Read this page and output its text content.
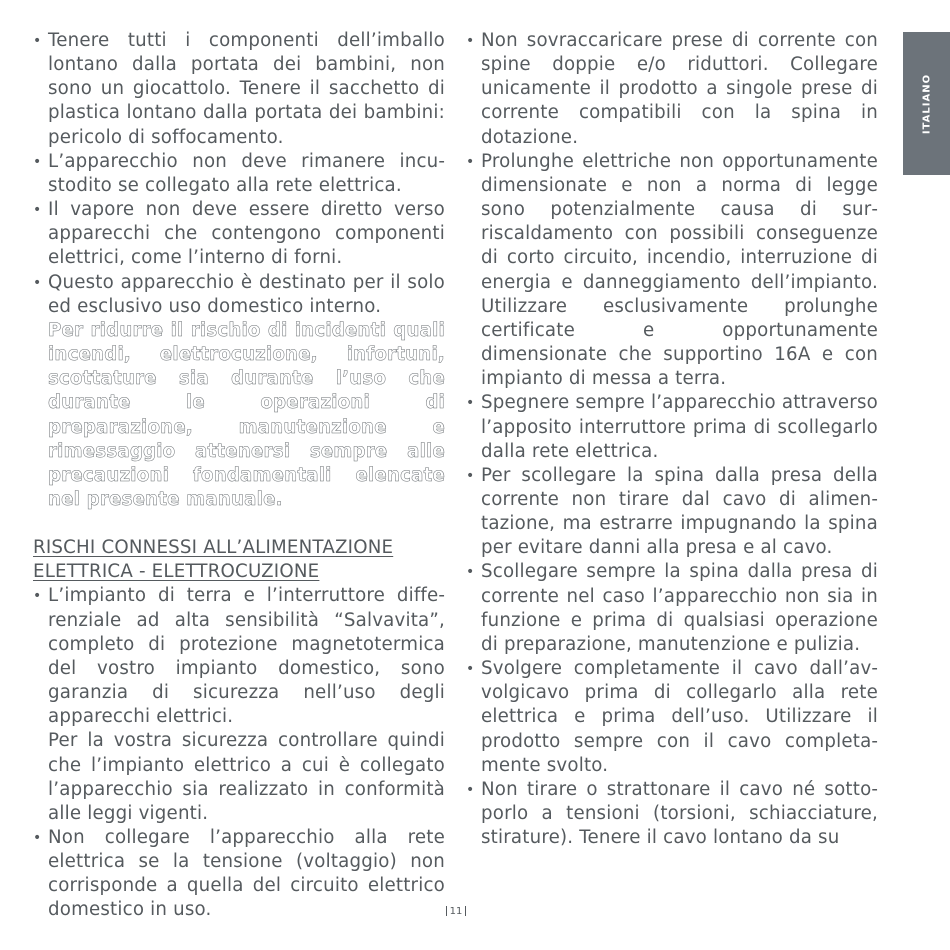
ITALIANO

• Tenere tutti i componenti dell’imballo lontano dalla portata dei bambini, non sono un giocattolo. Tenere il sacchetto di plastica lontano dalla portata dei bambini: pericolo di soffocamento.

• L’apparecchio non deve rimanere incustodito se collegato alla rete elettrica.

• Il vapore non deve essere diretto verso apparecchi che contengono componenti elettrici, come l’interno di forni.

• Questo apparecchio è destinato per il solo ed esclusivo uso domestico interno.

Per ridurre il rischio di incidenti quali incendi, elettrocuzione, infortuni, scottature sia durante l’uso che durante le operazioni di preparazione, manutenzione e rimessaggio attenersi sempre alle precauzioni fondamentali elencate nel presente manuale.

RISCHI CONNESSI ALL’ALIMENTAZIONE ELETTRICA - ELETTROCUZIONE

• L’impianto di terra e l’interruttore differenziale ad alta sensibilità “Salvavita”, completo di protezione magnetotermica del vostro impianto domestico, sono garanzia di sicurezza nell’uso degli apparecchi elettrici.

Per la vostra sicurezza controllare quindi che l’impianto elettrico a cui è collegato l’apparecchio sia realizzato in conformità alle leggi vigenti.

• Non collegare l’apparecchio alla rete elettrica se la tensione (voltaggio) non corrisponde a quella del circuito elettrico domestico in uso.

• Non sovraccaricare prese di corrente con spine doppie e/o riduttori. Collegare unicamente il prodotto a singole prese di corrente compatibili con la spina in dotazione.

• Prolunghe elettriche non opportunamente dimensionate e non a norma di legge sono potenzialmente causa di surriscaldamento con possibili conseguenze di corto circuito, incendio, interruzione di energia e danneggiamento dell’impianto. Utilizzare esclusivamente prolunghe certificate e opportunamente dimensionate che supportino 16A e con impianto di messa a terra.

• Spegnere sempre l’apparecchio attraverso l’apposito interruttore prima di scollegarlo dalla rete elettrica.

• Per scollegare la spina dalla presa della corrente non tirare dal cavo di alimentazione, ma estrarre impugnando la spina per evitare danni alla presa e al cavo.

• Scollegare sempre la spina dalla presa di corrente nel caso l’apparecchio non sia in funzione e prima di qualsiasi operazione di preparazione, manutenzione e pulizia.

• Svolgere completamente il cavo dall’avvolgicavo prima di collegarlo alla rete elettrica e prima dell’uso. Utilizzare il prodotto sempre con il cavo completamente svolto.

• Non tirare o strattonare il cavo né sottoporlo a tensioni (torsioni, schiacciature, stirature). Tenere il cavo lontano da su

11
